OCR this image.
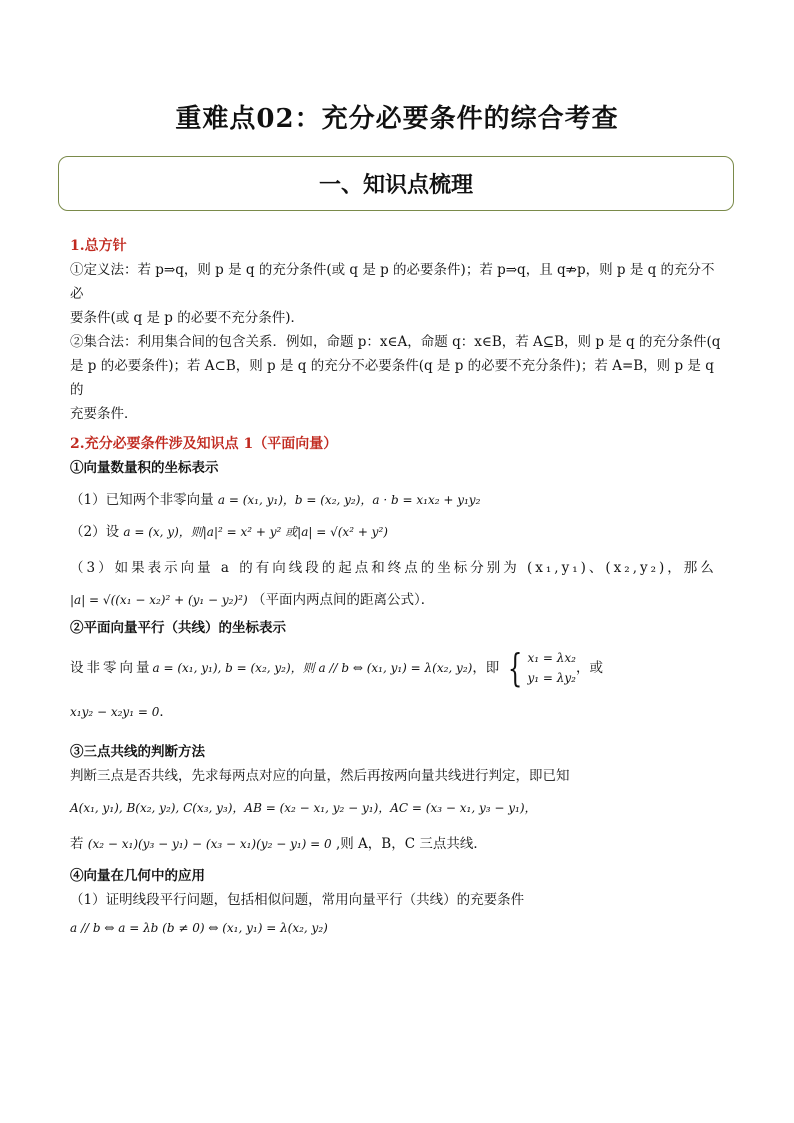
重难点02：充分必要条件的综合考查
一、知识点梳理
1.总方针

①定义法：若 p⇒q，则 p 是 q 的充分条件(或 q 是 p 的必要条件)；若 p⇒q，且 q⇏p，则 p 是 q 的充分不必

要条件(或 q 是 p 的必要不充分条件)．

②集合法：利用集合间的包含关系．例如，命题 p：x∈A，命题 q：x∈B，若 A⊆B，则 p 是 q 的充分条件(q

是 p 的必要条件)；若 A⊂B，则 p 是 q 的充分不必要条件(q 是 p 的必要不充分条件)；若 A=B，则 p 是 q 的

充要条件．

2.充分必要条件涉及知识点 1（平面向量）
①向量数量积的坐标表示

（1）已知两个非零向量 a = (x₁, y₁)，b = (x₂, y₂)，a · b = x₁x₂ + y₁y₂

（2）设 a = (x, y)，则|a|² = x² + y² 或|a| = √(x² + y²)

（3）如果表示向量 a 的有向线段的起点和终点的坐标分别为 (x₁,y₁)、(x₂,y₂)，那么

|a| = √((x₁ − x₂)² + (y₁ − y₂)²) （平面内两点间的距离公式）．

②平面向量平行（共线）的坐标表示
设非零向量 a = (x₁, y₁), b = (x₂, y₂)，则 a // b ⇔ (x₁, y₁) = λ(x₂, y₂) ，即 { x₁ = λx₂
y₁ = λy₂
，或

x₁y₂ − x₂y₁ = 0．

③三点共线的判断方法

判断三点是否共线，先求每两点对应的向量，然后再按两向量共线进行判定，即已知

A(x₁, y₁), B(x₂, y₂), C(x₃, y₃)，AB = (x₂ − x₁, y₂ − y₁)，AC = (x₃ − x₁, y₃ − y₁)，

若 (x₂ − x₁)(y₃ − y₁) − (x₃ − x₁)(y₂ − y₁) = 0 ,则 A，B，C 三点共线．

④向量在几何中的应用

（1）证明线段平行问题，包括相似问题，常用向量平行（共线）的充要条件

a // b ⇔ a = λb (b ≠ 0) ⇔ (x₁, y₁) = λ(x₂, y₂)
